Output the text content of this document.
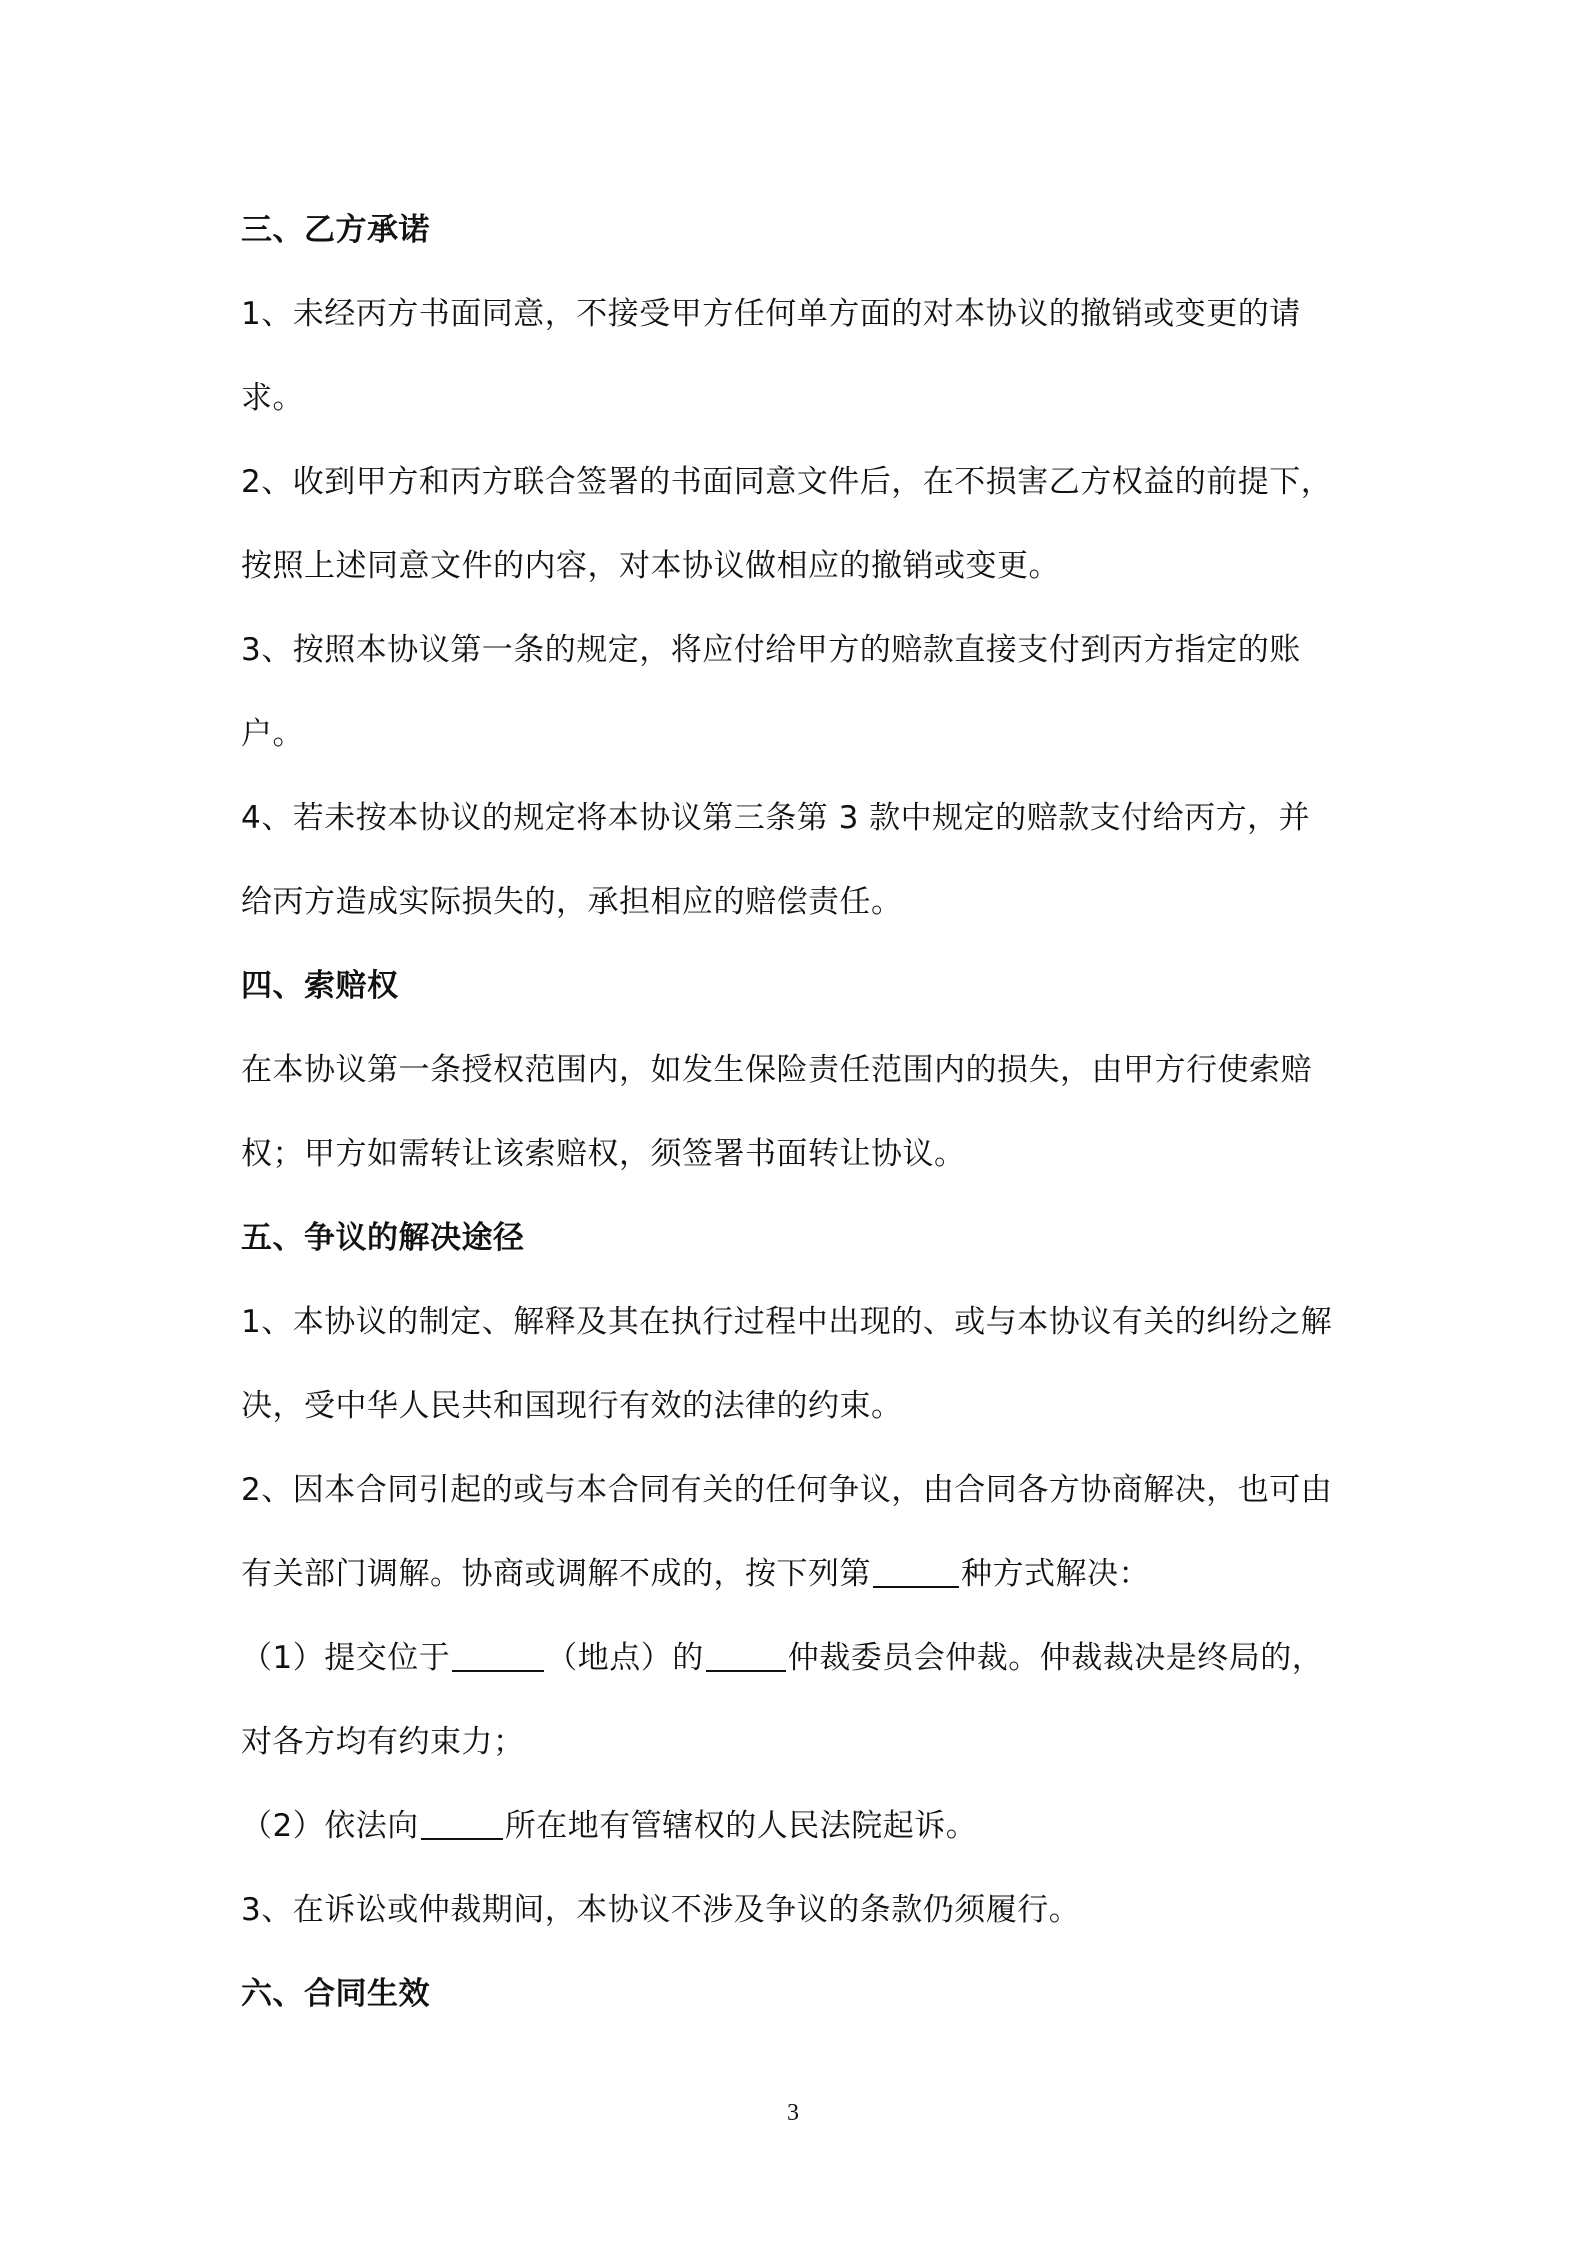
三、乙方承诺
1、未经丙方书面同意，不接受甲方任何单方面的对本协议的撤销或变更的请
求。
2、收到甲方和丙方联合签署的书面同意文件后，在不损害乙方权益的前提下，
按照上述同意文件的内容，对本协议做相应的撤销或变更。
3、按照本协议第一条的规定，将应付给甲方的赔款直接支付到丙方指定的账
户。
4、若未按本协议的规定将本协议第三条第 3 款中规定的赔款支付给丙方，并
给丙方造成实际损失的，承担相应的赔偿责任。
四、索赔权
在本协议第一条授权范围内，如发生保险责任范围内的损失，由甲方行使索赔
权；甲方如需转让该索赔权，须签署书面转让协议。
五、争议的解决途径
1、本协议的制定、解释及其在执行过程中出现的、或与本协议有关的纠纷之解
决，受中华人民共和国现行有效的法律的约束。
2、因本合同引起的或与本合同有关的任何争议，由合同各方协商解决，也可由
有关部门调解。协商或调解不成的，按下列第	种方式解决：
（1）提交位于	（地点）的	仲裁委员会仲裁。仲裁裁决是终局的，
对各方均有约束力；
（2）依法向	所在地有管辖权的人民法院起诉。
3、在诉讼或仲裁期间，本协议不涉及争议的条款仍须履行。
六、合同生效
3
